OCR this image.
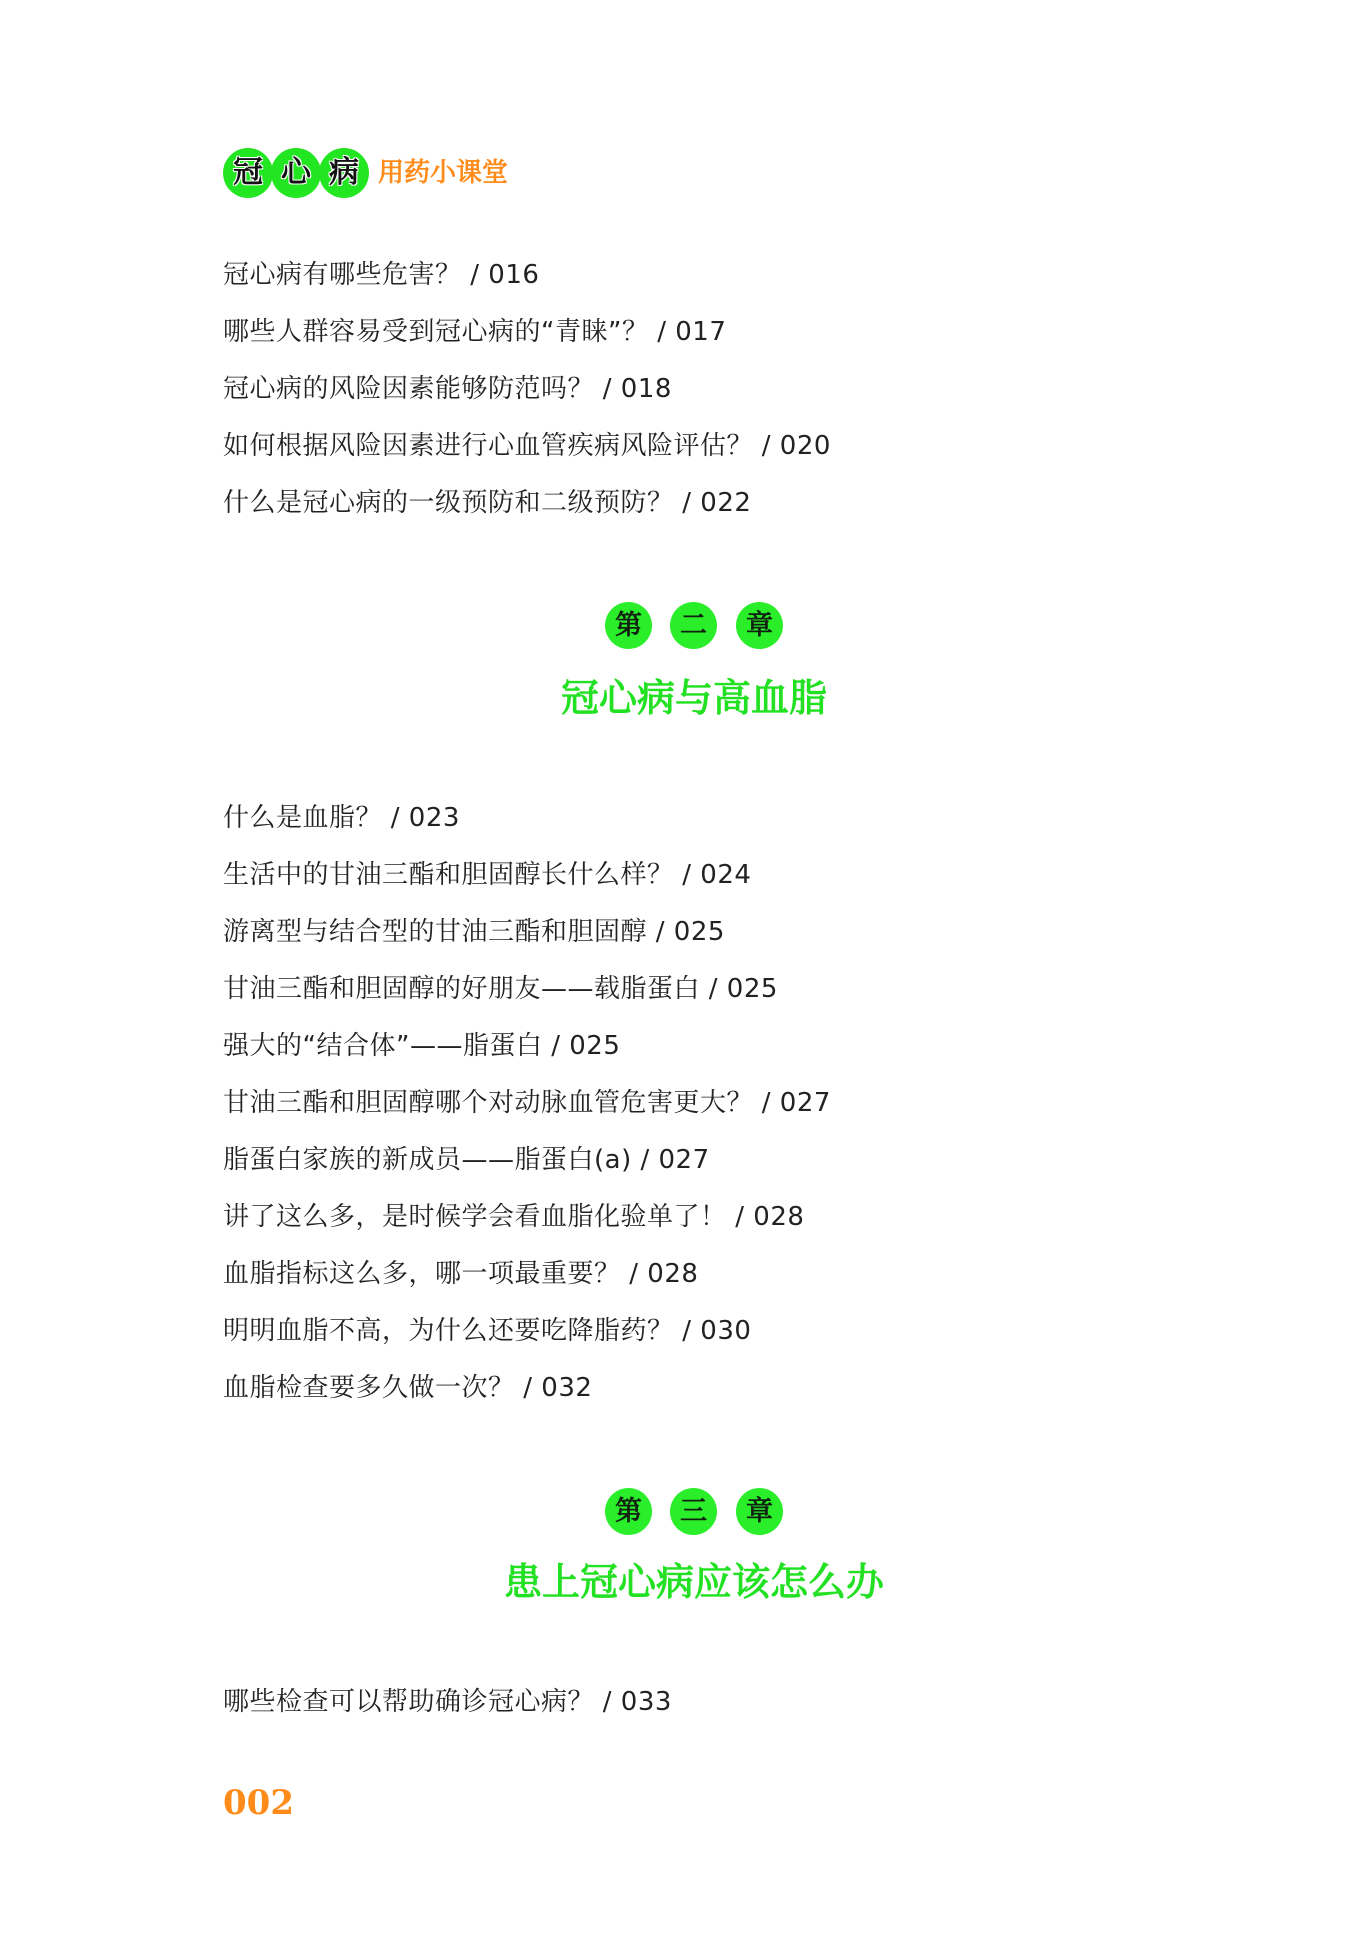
冠 心 病 用药小课堂
冠心病有哪些危害？ / 016
哪些人群容易受到冠心病的“青睐”？ / 017
冠心病的风险因素能够防范吗？ / 018
如何根据风险因素进行心血管疾病风险评估？ / 020
什么是冠心病的一级预防和二级预防？ / 022
第	二	章
冠心病与高血脂
什么是血脂？ / 023
生活中的甘油三酯和胆固醇长什么样？ / 024
游离型与结合型的甘油三酯和胆固醇 / 025
甘油三酯和胆固醇的好朋友——载脂蛋白 / 025
强大的“结合体”——脂蛋白 / 025
甘油三酯和胆固醇哪个对动脉血管危害更大？ / 027
脂蛋白家族的新成员——脂蛋白(a) / 027
讲了这么多，是时候学会看血脂化验单了！ / 028
血脂指标这么多，哪一项最重要？ / 028
明明血脂不高，为什么还要吃降脂药？ / 030
血脂检查要多久做一次？ / 032
第	三	章
患上冠心病应该怎么办
哪些检查可以帮助确诊冠心病？ / 033
002
